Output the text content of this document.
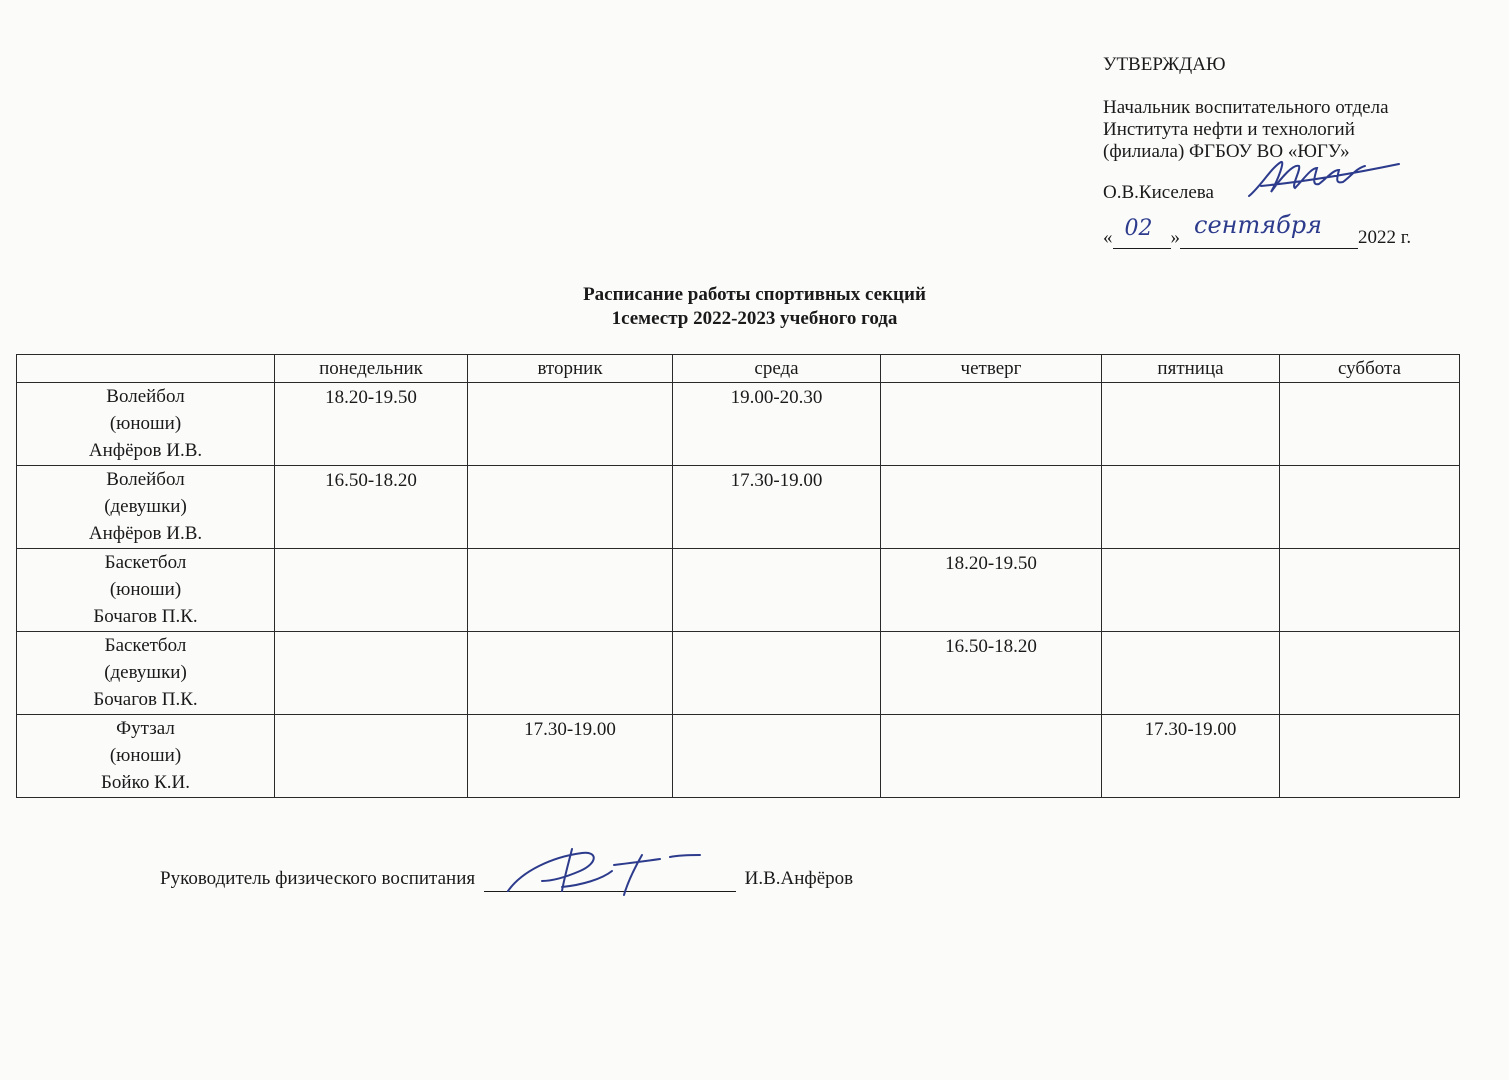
УТВЕРЖДАЮ
Начальник воспитательного отдела
Института нефти и технологий
(филиала) ФГБОУ ВО «ЮГУ»
О.В.Киселева
« 02 » сентября 2022 г.
Расписание работы спортивных секций
1семестр 2022-2023 учебного года
	понедельник	вторник	среда	четверг	пятница	суббота

Волейбол
(юноши)
Анфёров И.В.	18.20-19.50		19.00-20.30			

Волейбол
(девушки)
Анфёров И.В.	16.50-18.20		17.30-19.00			

Баскетбол
(юноши)
Бочагов П.К.				18.20-19.50		

Баскетбол
(девушки)
Бочагов П.К.				16.50-18.20		

Футзал
(юноши)
Бойко К.И.		17.30-19.00			17.30-19.00	
Руководитель физического воспитания	И.В.Анфёров
